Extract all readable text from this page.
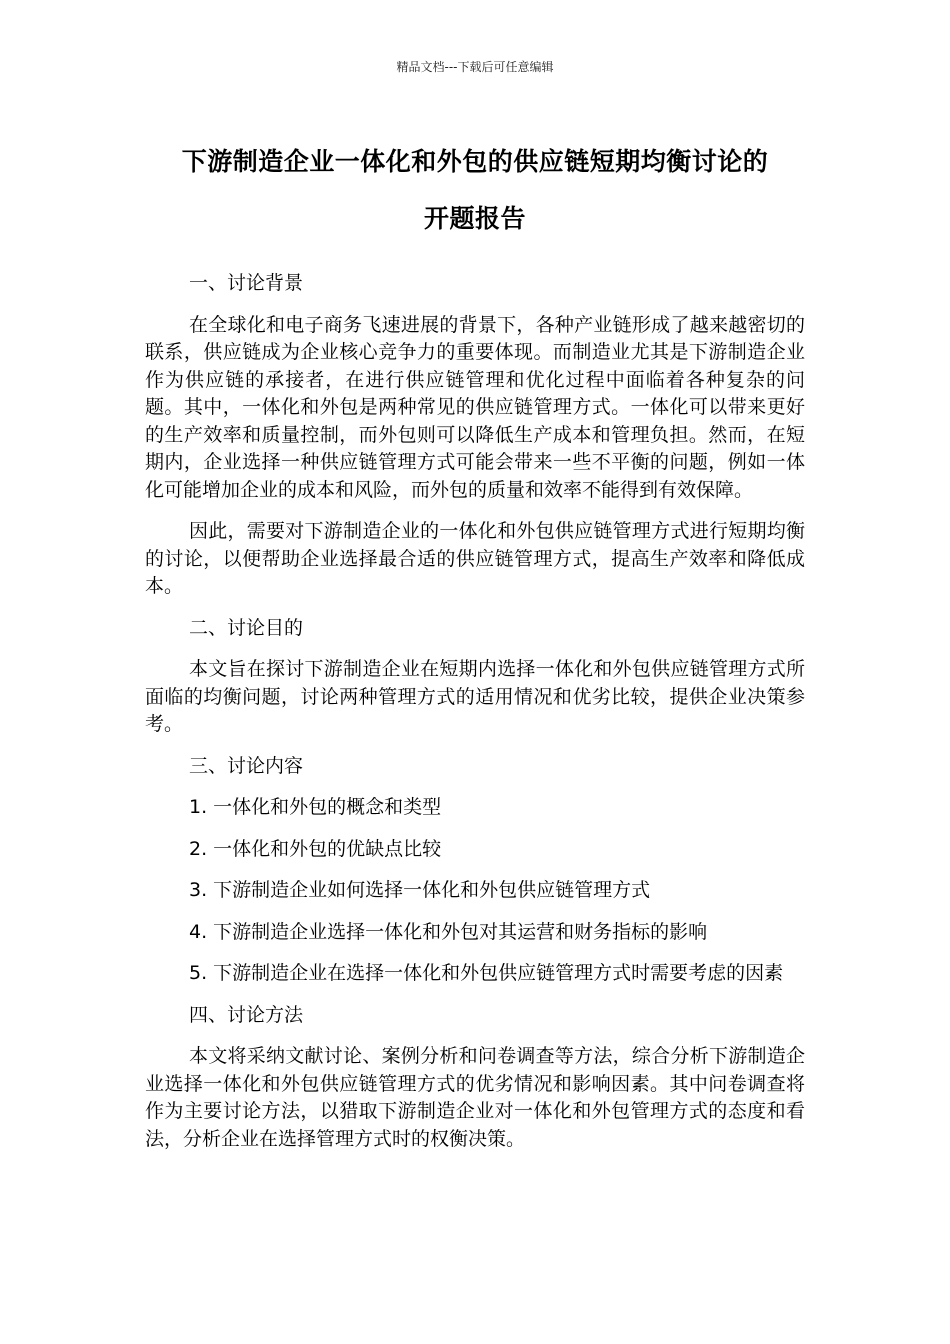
精品文档---下载后可任意编辑
下游制造企业一体化和外包的供应链短期均衡讨论的
开题报告

一、讨论背景

在全球化和电子商务飞速进展的背景下，各种产业链形成了越来越密切的联系，供应链成为企业核心竞争力的重要体现。而制造业尤其是下游制造企业作为供应链的承接者，在进行供应链管理和优化过程中面临着各种复杂的问题。其中，一体化和外包是两种常见的供应链管理方式。一体化可以带来更好的生产效率和质量控制，而外包则可以降低生产成本和管理负担。然而，在短期内，企业选择一种供应链管理方式可能会带来一些不平衡的问题，例如一体化可能增加企业的成本和风险，而外包的质量和效率不能得到有效保障。

因此，需要对下游制造企业的一体化和外包供应链管理方式进行短期均衡的讨论，以便帮助企业选择最合适的供应链管理方式，提高生产效率和降低成本。

二、讨论目的

本文旨在探讨下游制造企业在短期内选择一体化和外包供应链管理方式所面临的均衡问题，讨论两种管理方式的适用情况和优劣比较，提供企业决策参考。

三、讨论内容

1. 一体化和外包的概念和类型

2. 一体化和外包的优缺点比较

3. 下游制造企业如何选择一体化和外包供应链管理方式

4. 下游制造企业选择一体化和外包对其运营和财务指标的影响

5. 下游制造企业在选择一体化和外包供应链管理方式时需要考虑的因素

四、讨论方法

本文将采纳文献讨论、案例分析和问卷调查等方法，综合分析下游制造企业选择一体化和外包供应链管理方式的优劣情况和影响因素。其中问卷调查将作为主要讨论方法，以猎取下游制造企业对一体化和外包管理方式的态度和看法，分析企业在选择管理方式时的权衡决策。
